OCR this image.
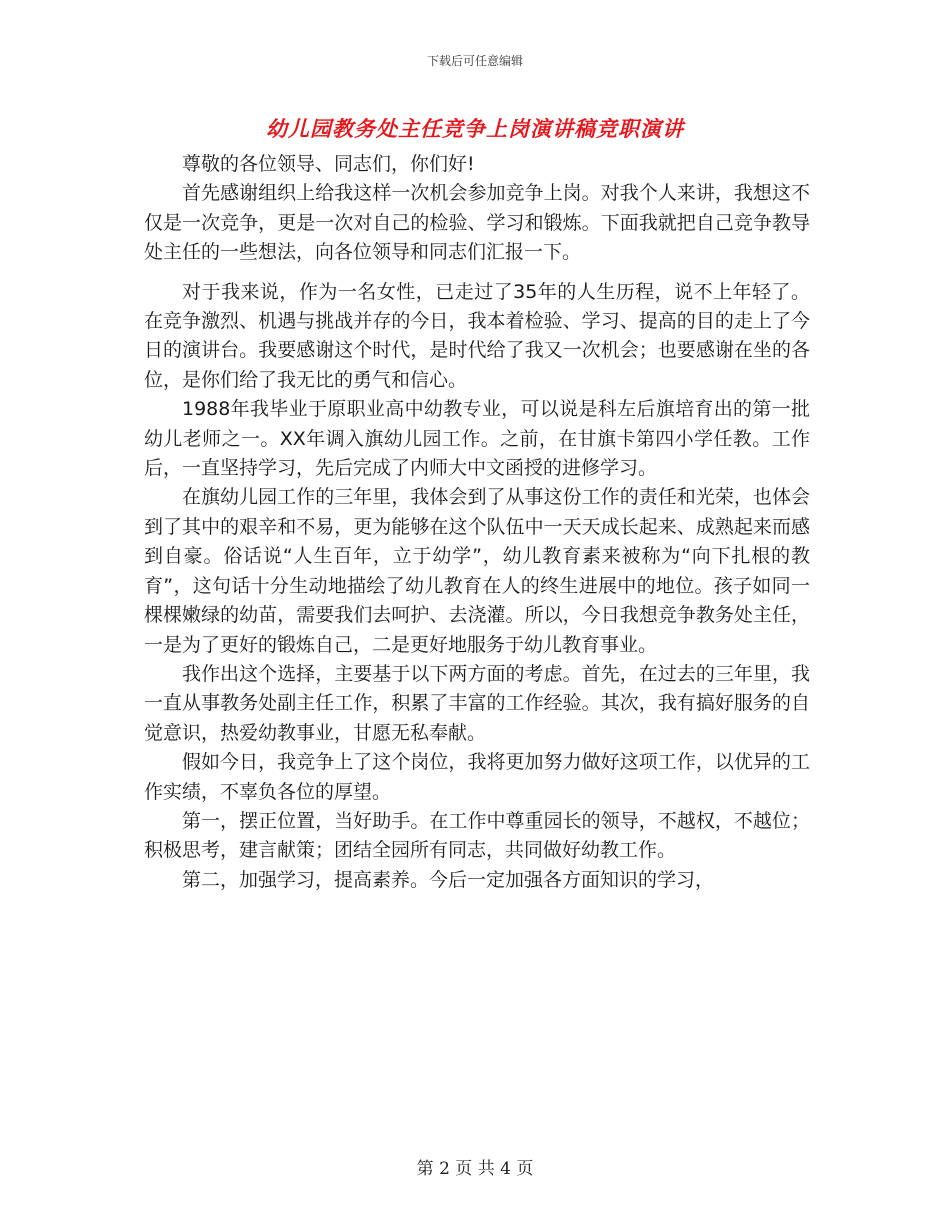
下载后可任意编辑
幼儿园教务处主任竞争上岗演讲稿竞职演讲

尊敬的各位领导、同志们，你们好!

首先感谢组织上给我这样一次机会参加竞争上岗。对我个人来讲，我想这不仅是一次竞争，更是一次对自己的检验、学习和锻炼。下面我就把自己竞争教导处主任的一些想法，向各位领导和同志们汇报一下。

对于我来说，作为一名女性，已走过了35年的人生历程，说不上年轻了。在竞争激烈、机遇与挑战并存的今日，我本着检验、学习、提高的目的走上了今日的演讲台。我要感谢这个时代，是时代给了我又一次机会；也要感谢在坐的各位，是你们给了我无比的勇气和信心。

1988年我毕业于原职业高中幼教专业，可以说是科左后旗培育出的第一批幼儿老师之一。XX年调入旗幼儿园工作。之前，在甘旗卡第四小学任教。工作后，一直坚持学习，先后完成了内师大中文函授的进修学习。

在旗幼儿园工作的三年里，我体会到了从事这份工作的责任和光荣，也体会到了其中的艰辛和不易，更为能够在这个队伍中一天天成长起来、成熟起来而感到自豪。俗话说“人生百年，立于幼学”，幼儿教育素来被称为“向下扎根的教育”，这句话十分生动地描绘了幼儿教育在人的终生进展中的地位。孩子如同一棵棵嫩绿的幼苗，需要我们去呵护、去浇灌。所以，今日我想竞争教务处主任，一是为了更好的锻炼自己，二是更好地服务于幼儿教育事业。

我作出这个选择，主要基于以下两方面的考虑。首先，在过去的三年里，我一直从事教务处副主任工作，积累了丰富的工作经验。其次，我有搞好服务的自觉意识，热爱幼教事业，甘愿无私奉献。

假如今日，我竞争上了这个岗位，我将更加努力做好这项工作，以优异的工作实绩，不辜负各位的厚望。

第一，摆正位置，当好助手。在工作中尊重园长的领导，不越权，不越位；积极思考，建言献策；团结全园所有同志，共同做好幼教工作。

第二，加强学习，提高素养。今后一定加强各方面知识的学习，

第 2 页 共 4 页
